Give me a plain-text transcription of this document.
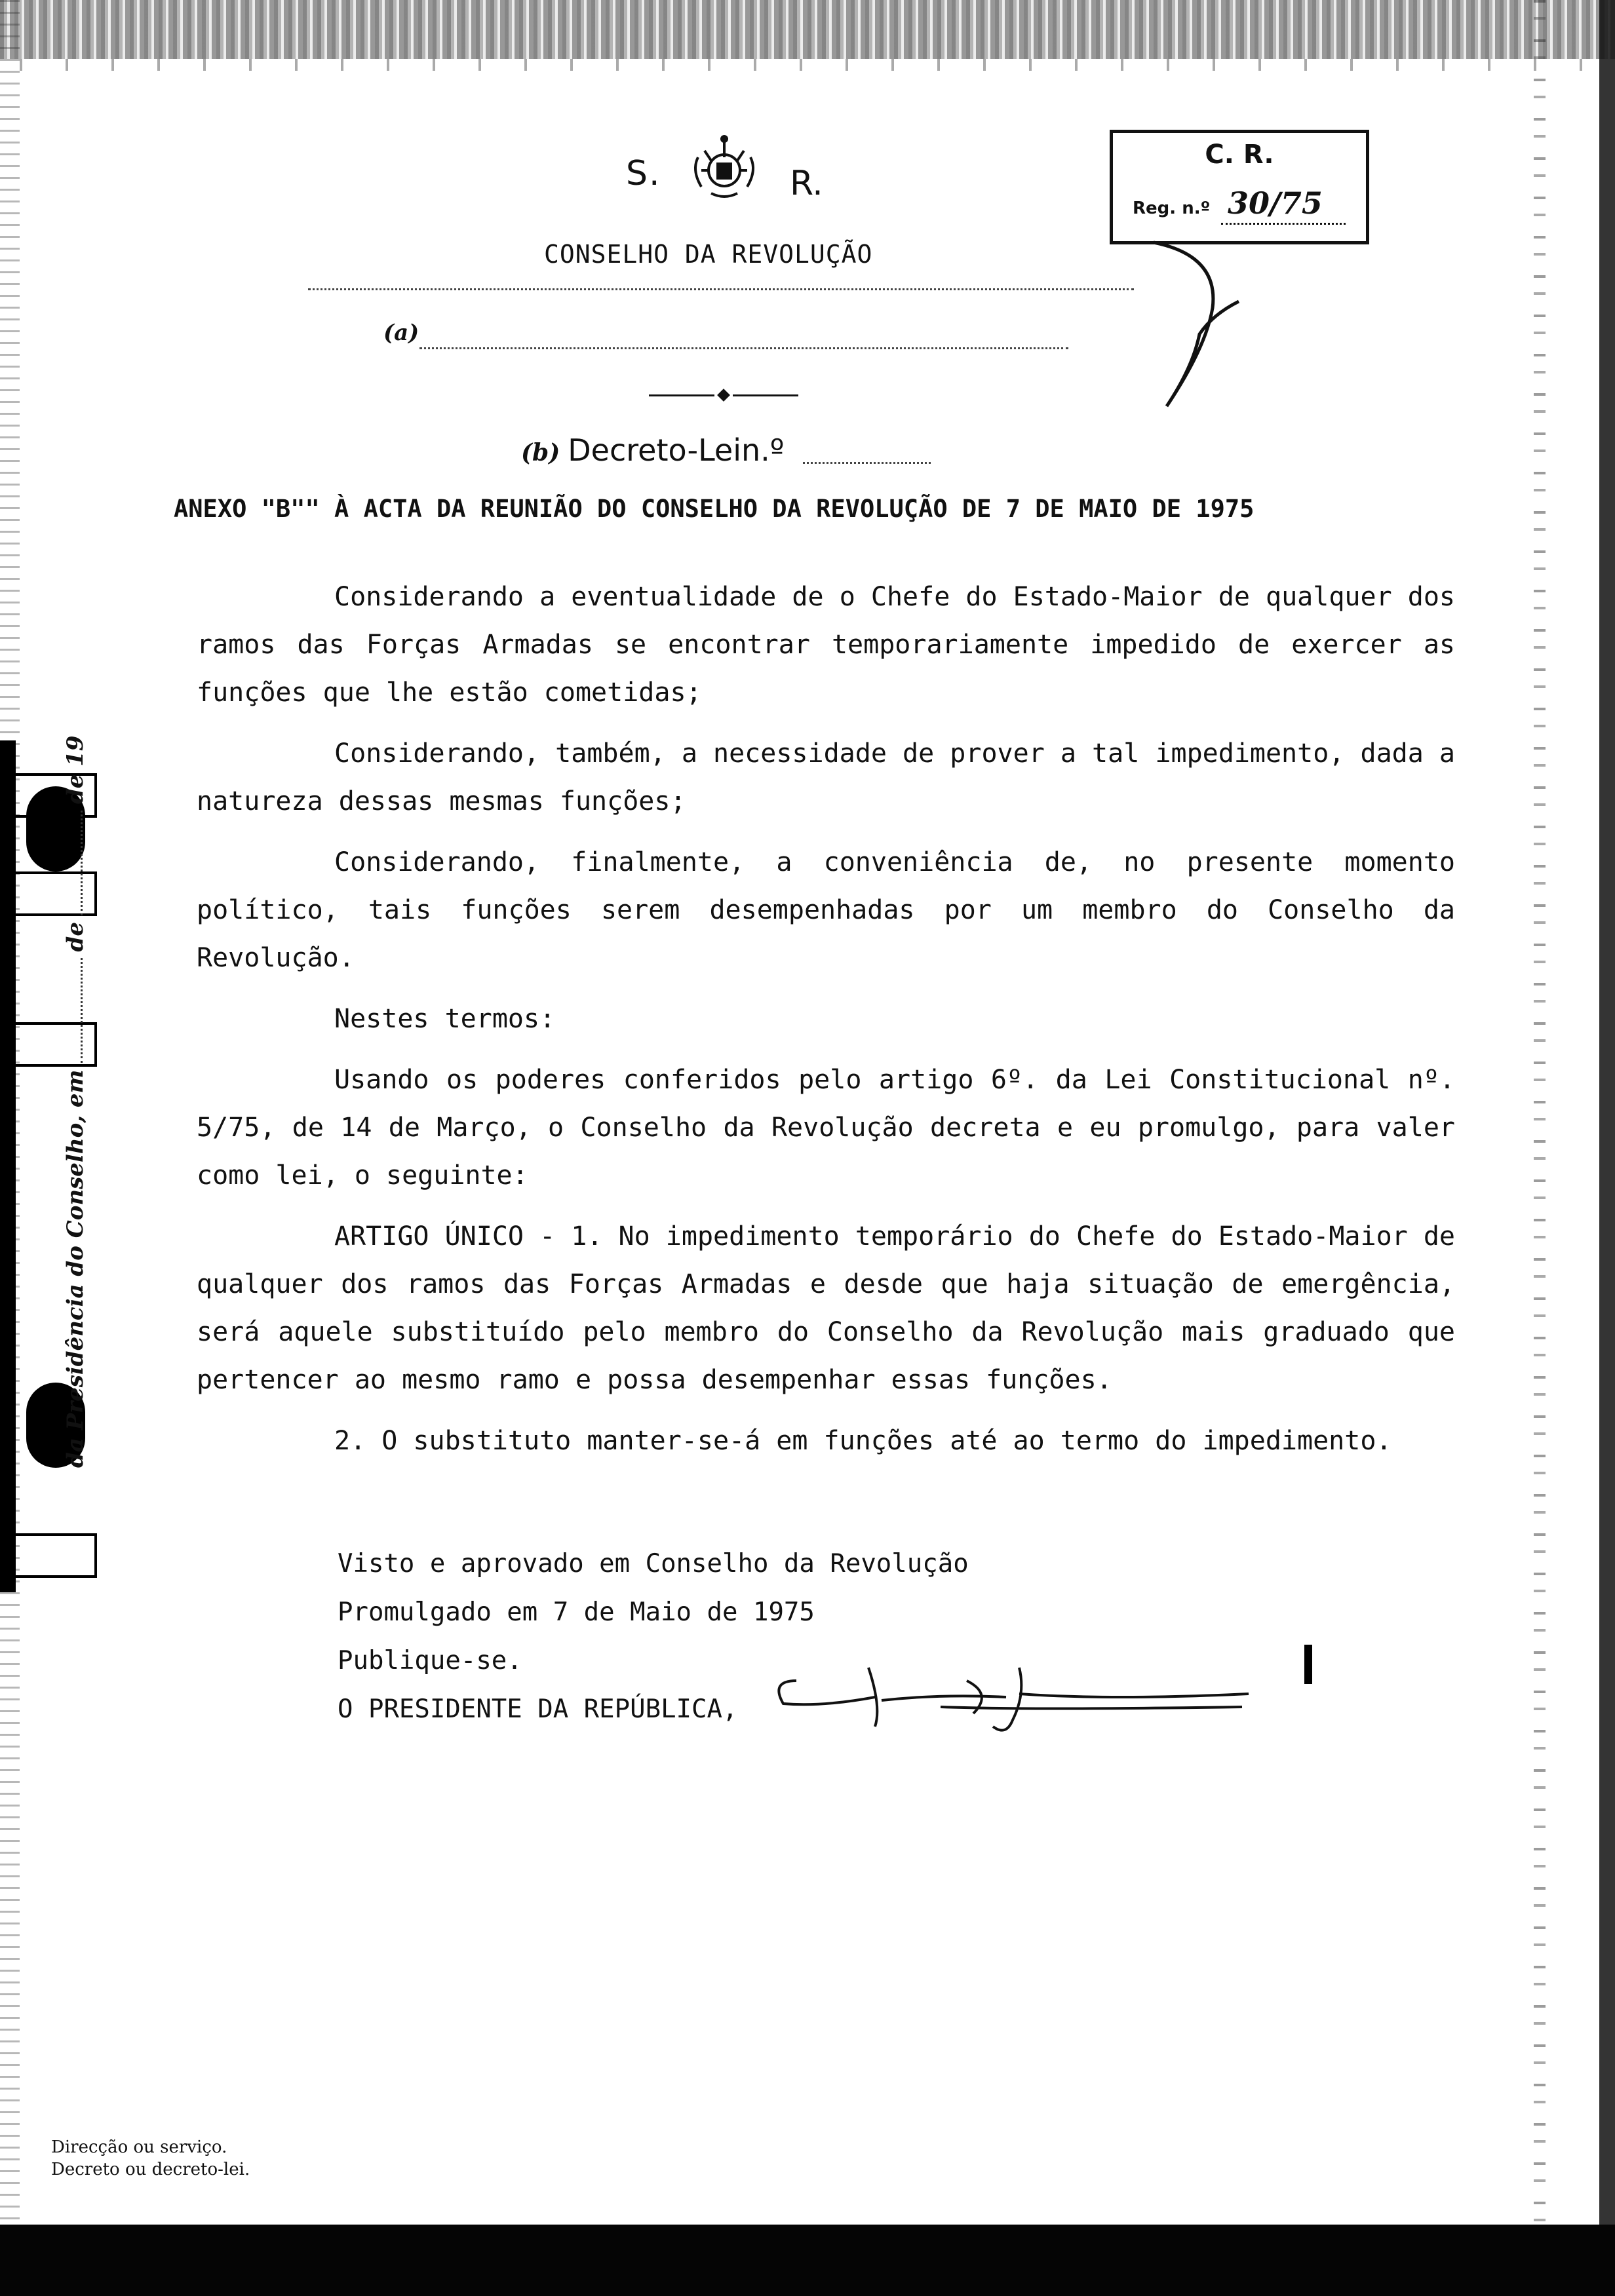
da Presidência do Conselho, emdede 19
S.	R.
CONSELHO DA REVOLUÇÃO
(a)
(b) Decreto-Lein.º
C. R.
Reg. n.º 30/75
ANEXO "B"" À ACTA DA REUNIÃO DO CONSELHO DA REVOLUÇÃO DE 7 DE MAIO DE 1975

Considerando a eventualidade de o Chefe do Estado-Maior de qualquer dos ramos das Forças Armadas se encontrar temporariamente impedido de exercer as funções que lhe estão cometidas;

Considerando, também, a necessidade de prover a tal impedimento, dada a natureza dessas mesmas funções;

Considerando, finalmente, a conveniência de, no presente momento político, tais funções serem desempenhadas por um membro do Conselho da Revolução.

Nestes termos:

Usando os poderes conferidos pelo artigo 6º. da Lei Constitucional nº. 5/75, de 14 de Março, o Conselho da Revolução decreta e eu promulgo, para valer como lei, o seguinte:

ARTIGO ÚNICO - 1. No impedimento temporário do Chefe do Estado-Maior de qualquer dos ramos das Forças Armadas e desde que haja situação de emergência, será aquele substituído pelo membro do Conselho da Revolução mais graduado que pertencer ao mesmo ramo e possa desempenhar essas funções.

2. O substituto manter-se-á em funções até ao termo do impedimento.

Visto e aprovado em Conselho da Revolução
Promulgado em 7 de Maio de 1975
Publique-se.
O PRESIDENTE DA REPÚBLICA,
Direcção ou serviço.
Decreto ou decreto-lei.
